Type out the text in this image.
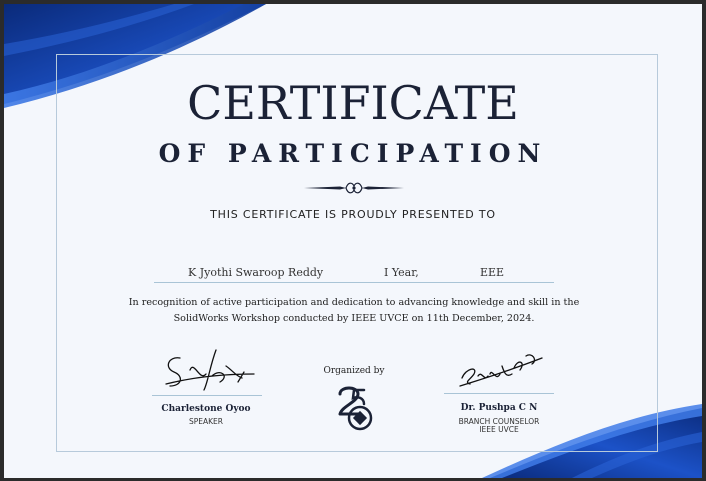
CERTIFICATE
OF PARTICIPATION
THIS CERTIFICATE IS PROUDLY PRESENTED TO
K Jyothi Swaroop Reddy	I Year,	EEE
In recognition of active participation and dedication to advancing knowledge and skill in the
SolidWorks Workshop conducted by IEEE UVCE on 11th December, 2024.
Charlestone Oyoo
SPEAKER
Organized by
Dr. Pushpa C N
BRANCH COUNSELOR
IEEE UVCE
